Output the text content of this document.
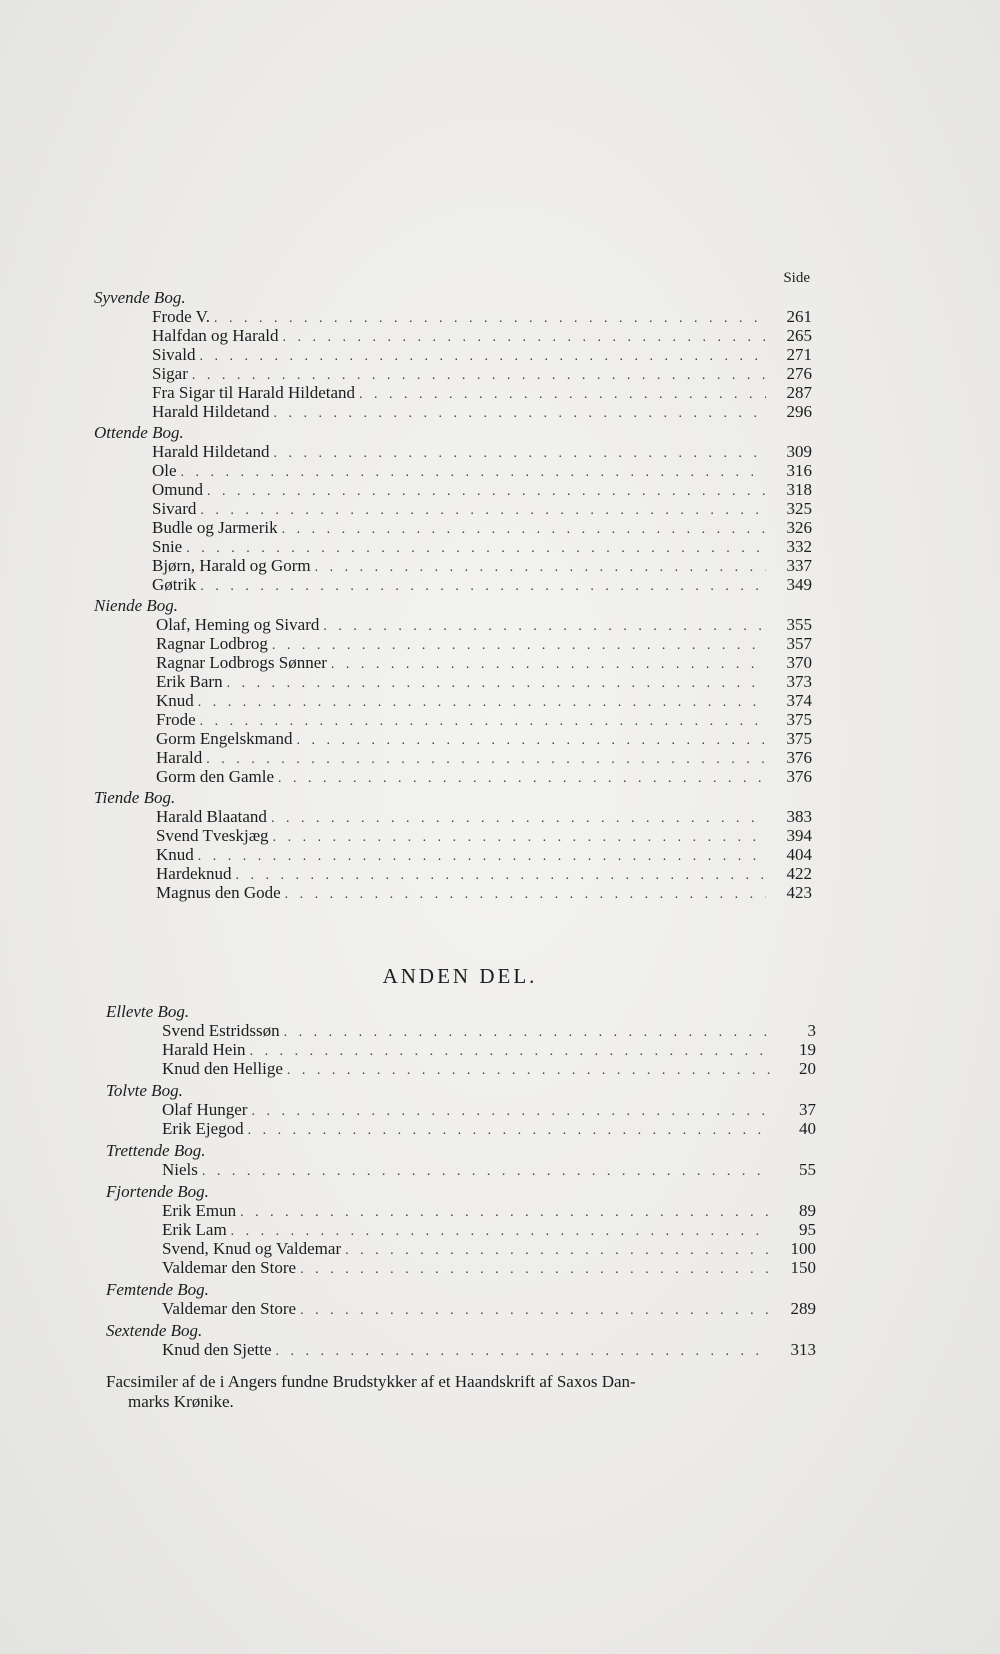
Side
Syvende Bog.
Frode V. . . .	261
Halfdan og Harald . . .	265
Sivald . . .	271
Sigar . . .	276
Fra Sigar til Harald Hildetand . . .	287
Harald Hildetand . . .	296
Ottende Bog.
Harald Hildetand . . .	309
Ole . . .	316
Omund . . .	318
Sivard . . .	325
Budle og Jarmerik . . .	326
Snie . . .	332
Bjørn, Harald og Gorm . . .	337
Gøtrik . . .	349
Niende Bog.
Olaf, Heming og Sivard . . .	355
Ragnar Lodbrog . . .	357
Ragnar Lodbrogs Sønner . . .	370
Erik Barn . . .	373
Knud . . .	374
Frode . . .	375
Gorm Engelskmand . . .	375
Harald . . .	376
Gorm den Gamle . . .	376
Tiende Bog.
Harald Blaatand . . .	383
Svend Tveskjæg . . .	394
Knud . . .	404
Hardeknud . . .	422
Magnus den Gode . . .	423
ANDEN DEL.
Ellevte Bog.
Svend Estridssøn . . .	3
Harald Hein . . .	19
Knud den Hellige . . .	20
Tolvte Bog.
Olaf Hunger . . .	37
Erik Ejegod . . .	40
Trettende Bog.
Niels . . .	55
Fjortende Bog.
Erik Emun . . .	89
Erik Lam . . .	95
Svend, Knud og Valdemar . . .	100
Valdemar den Store . . .	150
Femtende Bog.
Valdemar den Store . . .	289
Sextende Bog.
Knud den Sjette . . .	313
Facsimiler af de i Angers fundne Brudstykker af et Haandskrift af Saxos Dan-
marks Krønike.
